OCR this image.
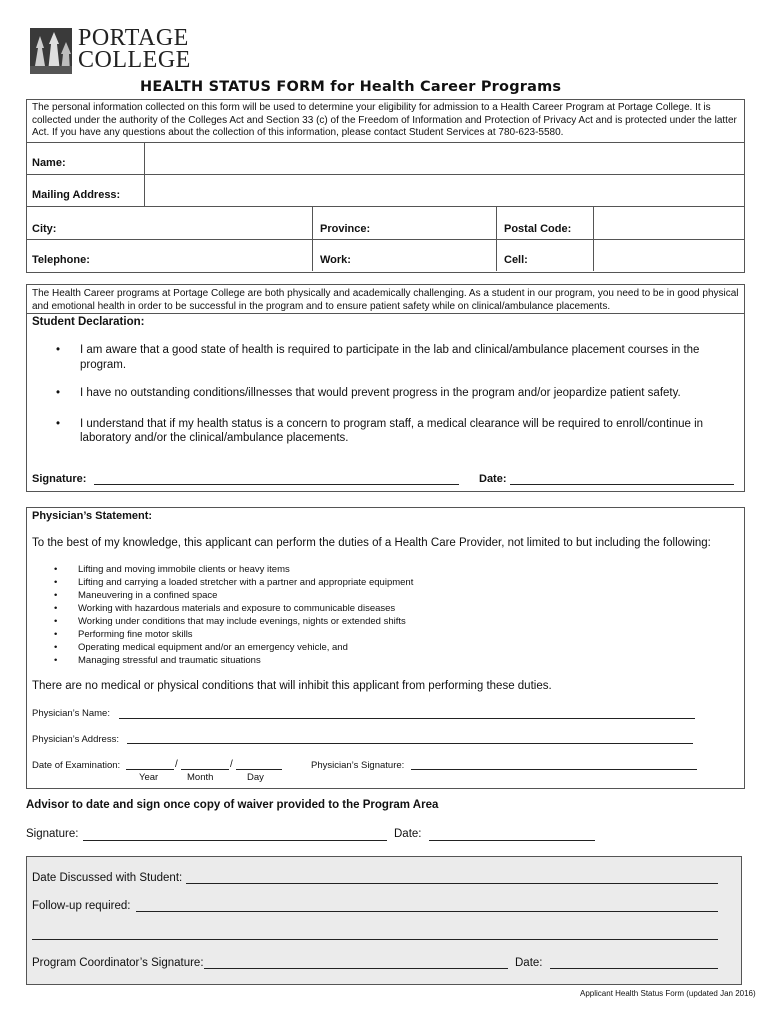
PORTAGE
COLLEGE
HEALTH STATUS FORM for Health Career Programs
The personal information collected on this form will be used to determine your eligibility for admission to a Health Career Program at Portage College. It is collected under the authority of the Colleges Act and Section 33 (c) of the Freedom of Information and Protection of Privacy Act and is protected under the latter Act. If you have any questions about the collection of this information, please contact Student Services at 780-623-5580.
Name:
Mailing Address:
City:	Province:	Postal Code:
Telephone:	Work:	Cell:
The Health Career programs at Portage College are both physically and academically challenging. As a student in our program, you need to be in good physical and emotional health in order to be successful in the program and to ensure patient safety while on clinical/ambulance placements.
Student Declaration:
• I am aware that a good state of health is required to participate in the lab and clinical/ambulance placement courses in the program.
• I have no outstanding conditions/illnesses that would prevent progress in the program and/or jeopardize patient safety.
• I understand that if my health status is a concern to program staff, a medical clearance will be required to enroll/continue in laboratory and/or the clinical/ambulance placements.
Signature:	Date:
Physician’s Statement:
To the best of my knowledge, this applicant can perform the duties of a Health Care Provider, not limited to but including the following:
• Lifting and moving immobile clients or heavy items
• Lifting and carrying a loaded stretcher with a partner and appropriate equipment
• Maneuvering in a confined space
• Working with hazardous materials and exposure to communicable diseases
• Working under conditions that may include evenings, nights or extended shifts
• Performing fine motor skills
• Operating medical equipment and/or an emergency vehicle, and
• Managing stressful and traumatic situations
There are no medical or physical conditions that will inhibit this applicant from performing these duties.
Physician’s Name:
Physician’s Address:
Date of Examination:	/	/
Year	Month	Day
Physician’s Signature:
Advisor to date and sign once copy of waiver provided to the Program Area
Signature:	Date:
Date Discussed with Student:
Follow-up required:
Program Coordinator’s Signature:	Date:
Applicant Health Status Form (updated Jan 2016)
